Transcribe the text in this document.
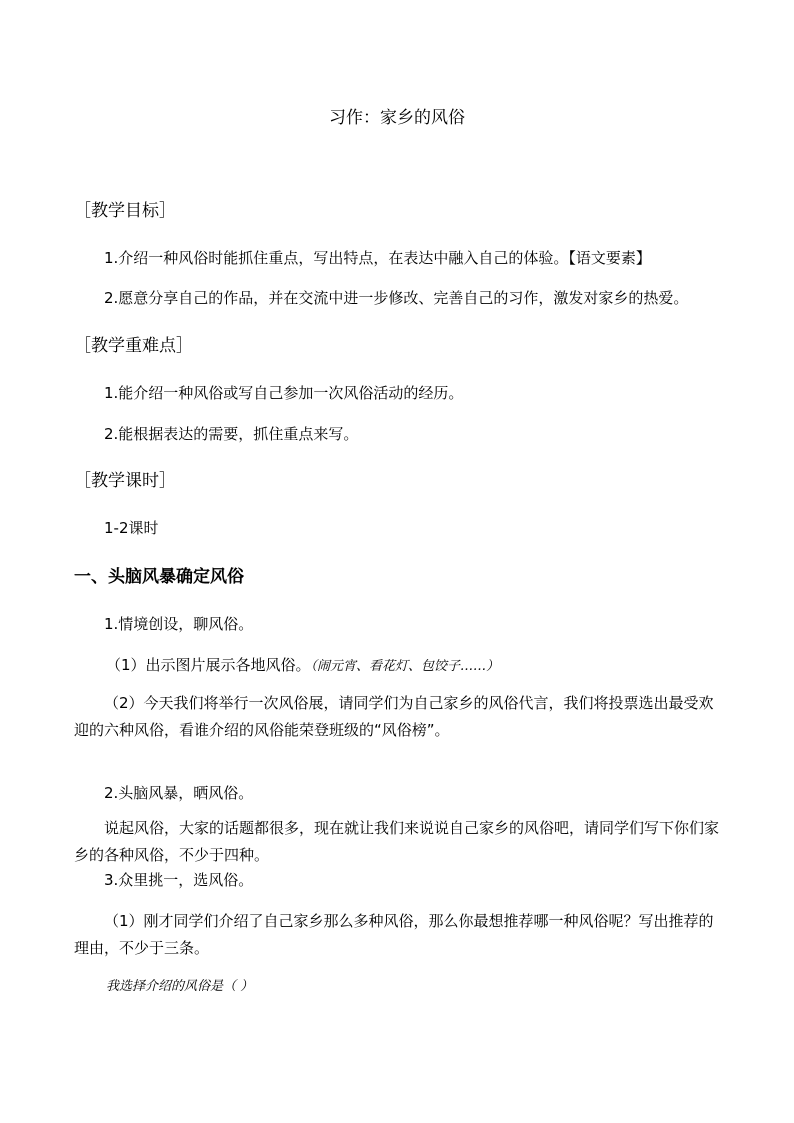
习作：家乡的风俗
［教学目标］
1.介绍一种风俗时能抓住重点，写出特点，在表达中融入自己的体验。【语文要素】
2.愿意分享自己的作品，并在交流中进一步修改、完善自己的习作，激发对家乡的热爱。
［教学重难点］
1.能介绍一种风俗或写自己参加一次风俗活动的经历。
2.能根据表达的需要，抓住重点来写。
［教学课时］
1-2课时
一、头脑风暴确定风俗
1.情境创设，聊风俗。
（1）出示图片展示各地风俗。（闹元宵、看花灯、包饺子……）
（2）今天我们将举行一次风俗展，请同学们为自己家乡的风俗代言，我们将投票选出最受欢迎的六种风俗，看谁介绍的风俗能荣登班级的“风俗榜”。
2.头脑风暴，晒风俗。
说起风俗，大家的话题都很多，现在就让我们来说说自己家乡的风俗吧，请同学们写下你们家乡的各种风俗，不少于四种。
3.众里挑一，选风俗。
（1）刚才同学们介绍了自己家乡那么多种风俗，那么你最想推荐哪一种风俗呢？写出推荐的理由，不少于三条。
我选择介绍的风俗是（ ）
